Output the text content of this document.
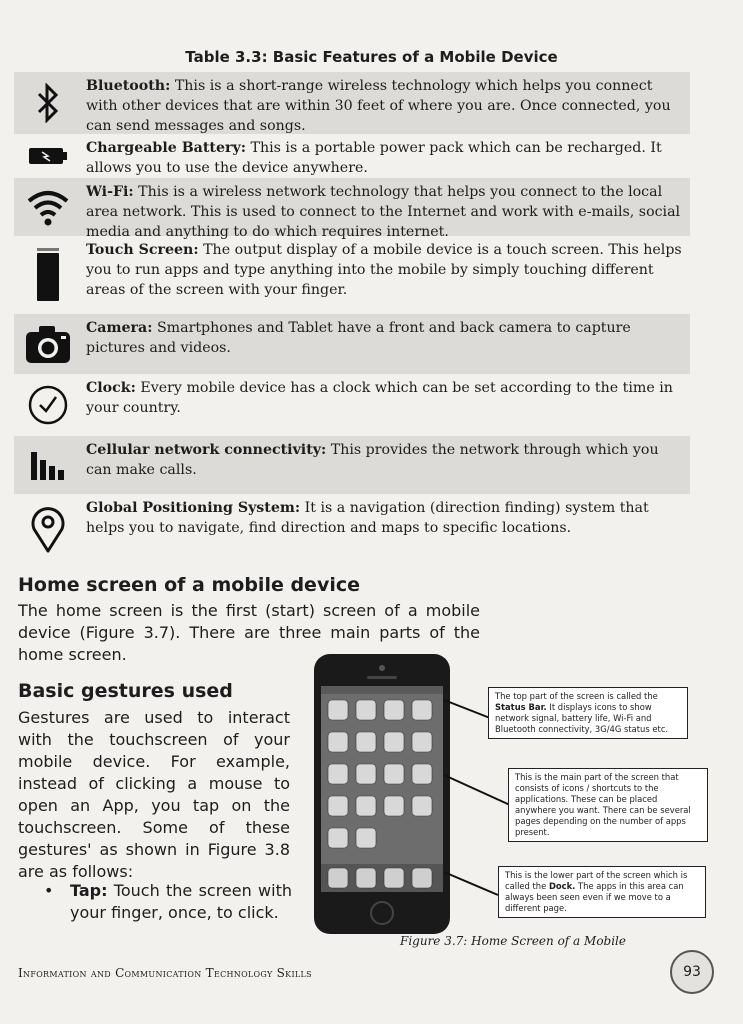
Table 3.3: Basic Features of a Mobile Device
Bluetooth: This is a short-range wireless technology which helps you connect with other devices that are within 30 feet of where you are. Once connected, you can send messages and songs.
Chargeable Battery: This is a portable power pack which can be recharged. It allows you to use the device anywhere.
Wi-Fi: This is a wireless network technology that helps you connect to the local area network. This is used to connect to the Internet and work with e-mails, social media and anything to do which requires internet.
Touch Screen: The output display of a mobile device is a touch screen. This helps you to run apps and type anything into the mobile by simply touching different areas of the screen with your finger.
Camera: Smartphones and Tablet have a front and back camera to capture pictures and videos.
Clock: Every mobile device has a clock which can be set according to the time in your country.
Cellular network connectivity: This provides the network through which you can make calls.
Global Positioning System: It is a navigation (direction finding) system that helps you to navigate, find direction and maps to specific locations.
Home screen of a mobile device
The home screen is the first (start) screen of a mobile device (Figure 3.7). There are three main parts of the home screen.
Basic gestures used
Gestures are used to interact with the touchscreen of your mobile device. For example, instead of clicking a mouse to open an App, you tap on the touchscreen. Some of these gestures' as shown in Figure 3.8 are as follows:
• Tap: Touch the screen with your finger, once, to click.
The top part of the screen is called the Status Bar. It displays icons to show network signal, battery life, Wi-Fi and Bluetooth connectivity, 3G/4G status etc.
This is the main part of the screen that consists of icons / shortcuts to the applications. These can be placed anywhere you want. There can be several pages depending on the number of apps present.
This is the lower part of the screen which is called the Dock. The apps in this area can always been seen even if we move to a different page.
Figure 3.7: Home Screen of a Mobile
Information and Communication Technology Skills	93
